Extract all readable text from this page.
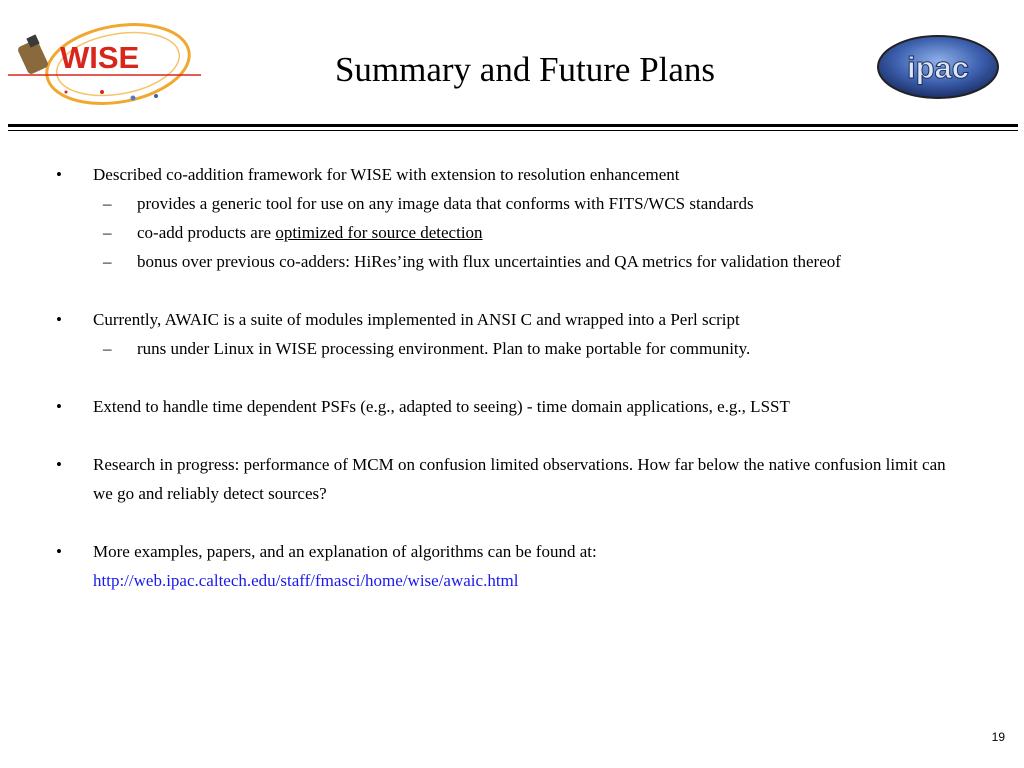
WISE	ipac
Summary and Future Plans
• Described co-addition framework for WISE with extension to resolution enhancement
– provides a generic tool for use on any image data that conforms with FITS/WCS standards
– co-add products are optimized for source detection
– bonus over previous co-adders: HiRes’ing with flux uncertainties and QA metrics for validation thereof
• Currently, AWAIC is a suite of modules implemented in ANSI C and wrapped into a Perl script
– runs under Linux in WISE processing environment. Plan to make portable for community.
• Extend to handle time dependent PSFs (e.g., adapted to seeing) - time domain applications, e.g., LSST
• Research in progress: performance of MCM on confusion limited observations. How far below the native confusion limit can we go and reliably detect sources?
• More examples, papers, and an explanation of algorithms can be found at:
http://web.ipac.caltech.edu/staff/fmasci/home/wise/awaic.html
19
